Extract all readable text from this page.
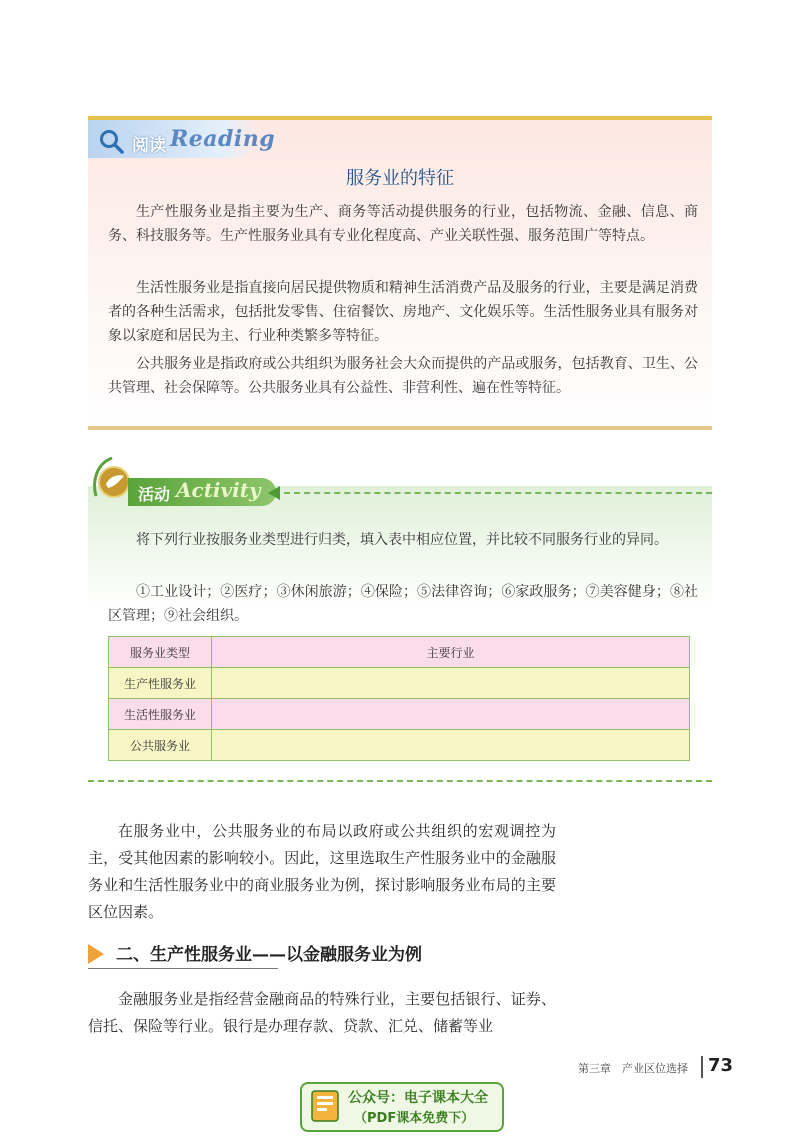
阅读 Reading
服务业的特征

生产性服务业是指主要为生产、商务等活动提供服务的行业，包括物流、金融、信息、商务、科技服务等。生产性服务业具有专业化程度高、产业关联性强、服务范围广等特点。

生活性服务业是指直接向居民提供物质和精神生活消费产品及服务的行业，主要是满足消费者的各种生活需求，包括批发零售、住宿餐饮、房地产、文化娱乐等。生活性服务业具有服务对象以家庭和居民为主、行业种类繁多等特征。

公共服务业是指政府或公共组织为服务社会大众而提供的产品或服务，包括教育、卫生、公共管理、社会保障等。公共服务业具有公益性、非营利性、遍在性等特征。

活动 Activity

将下列行业按服务业类型进行归类，填入表中相应位置，并比较不同服务行业的异同。

①工业设计；②医疗；③休闲旅游；④保险；⑤法律咨询；⑥家政服务；⑦美容健身；⑧社区管理；⑨社会组织。

服务业类型	主要行业
生产性服务业	
生活性服务业	
公共服务业	

在服务业中，公共服务业的布局以政府或公共组织的宏观调控为主，受其他因素的影响较小。因此，这里选取生产性服务业中的金融服务业和生活性服务业中的商业服务业为例，探讨影响服务业布局的主要区位因素。

二、生产性服务业——以金融服务业为例

金融服务业是指经营金融商品的特殊行业，主要包括银行、证券、信托、保险等行业。银行是办理存款、贷款、汇兑、储蓄等业

第三章　产业区位选择 73
公众号：电子课本大全
（PDF课本免费下）
